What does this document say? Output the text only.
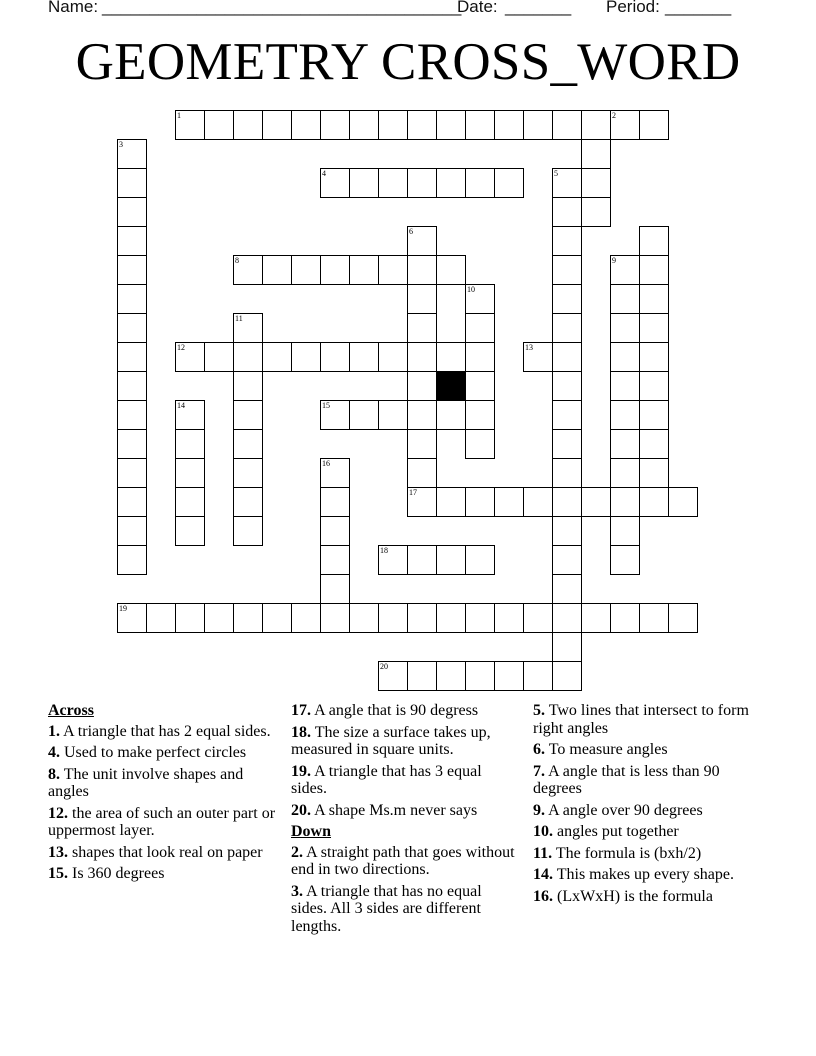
Name:

______________________________________

Date:

_______

Period:

_______

GEOMETRY CROSS_WORD
1	2
3
4	5
6
8	9
10
11
12	13
14	15
16
17
18
19
20
Across
1. A triangle that has 2 equal sides.
4. Used to make perfect circles
8. The unit involve shapes and angles
12. the area of such an outer part or uppermost layer.
13. shapes that look real on paper
15. Is 360 degrees
17. A angle that is 90 degress
18. The size a surface takes up, measured in square units.
19. A triangle that has 3 equal sides.
20. A shape Ms.m never says
Down
2. A straight path that goes without end in two directions.
3. A triangle that has no equal sides. All 3 sides are different lengths.
5. Two lines that intersect to form right angles
6. To measure angles
7. A angle that is less than 90 degrees
9. A angle over 90 degrees
10. angles put together
11. The formula is (bxh/2)
14. This makes up every shape.
16. (LxWxH) is the formula
